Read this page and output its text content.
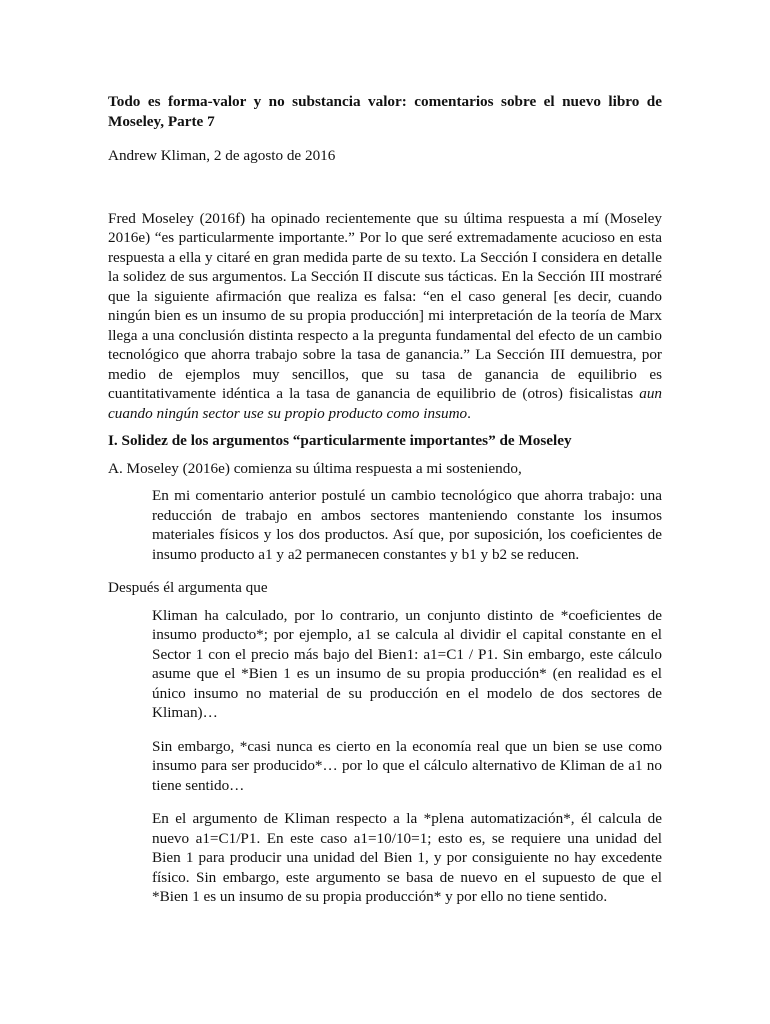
Todo es forma-valor y no substancia valor: comentarios sobre el nuevo libro de Moseley, Parte 7

Andrew Kliman, 2 de agosto de 2016

Fred Moseley (2016f) ha opinado recientemente que su última respuesta a mí (Moseley 2016e) “es particularmente importante.” Por lo que seré extremadamente acucioso en esta respuesta a ella y citaré en gran medida parte de su texto. La Sección I considera en detalle la solidez de sus argumentos. La Sección II discute sus tácticas. En la Sección III mostraré que la siguiente afirmación que realiza es falsa: “en el caso general [es decir, cuando ningún bien es un insumo de su propia producción] mi interpretación de la teoría de Marx llega a una conclusión distinta respecto a la pregunta fundamental del efecto de un cambio tecnológico que ahorra trabajo sobre la tasa de ganancia.” La Sección III demuestra, por medio de ejemplos muy sencillos, que su tasa de ganancia de equilibrio es cuantitativamente idéntica a la tasa de ganancia de equilibrio de (otros) fisicalistas aun cuando ningún sector use su propio producto como insumo.

I. Solidez de los argumentos “particularmente importantes” de Moseley

A. Moseley (2016e) comienza su última respuesta a mi sosteniendo,

En mi comentario anterior postulé un cambio tecnológico que ahorra trabajo: una reducción de trabajo en ambos sectores manteniendo constante los insumos materiales físicos y los dos productos. Así que, por suposición, los coeficientes de insumo producto a1 y a2 permanecen constantes y b1 y b2 se reducen.

Después él argumenta que

Kliman ha calculado, por lo contrario, un conjunto distinto de *coeficientes de insumo producto*; por ejemplo, a1 se calcula al dividir el capital constante en el Sector 1 con el precio más bajo del Bien1: a1=C1 / P1. Sin embargo, este cálculo asume que el *Bien 1 es un insumo de su propia producción* (en realidad es el único insumo no material de su producción en el modelo de dos sectores de Kliman)…

Sin embargo, *casi nunca es cierto en la economía real que un bien se use como insumo para ser producido*… por lo que el cálculo alternativo de Kliman de a1 no tiene sentido…

En el argumento de Kliman respecto a la *plena automatización*, él calcula de nuevo a1=C1/P1. En este caso a1=10/10=1; esto es, se requiere una unidad del Bien 1 para producir una unidad del Bien 1, y por consiguiente no hay excedente físico. Sin embargo, este argumento se basa de nuevo en el supuesto de que el *Bien 1 es un insumo de su propia producción* y por ello no tiene sentido.
